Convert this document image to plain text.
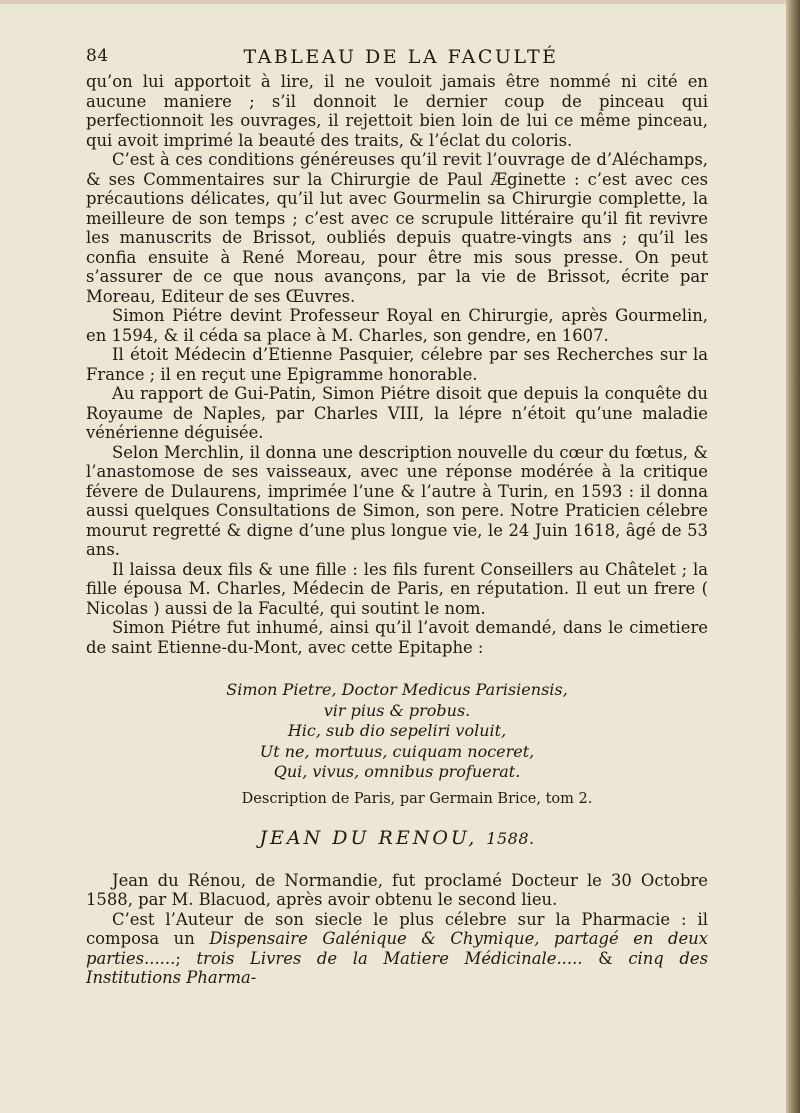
84	TABLEAU DE LA FACULTÉ

qu’on lui apportoit à lire, il ne vouloit jamais être nommé ni cité en aucune maniere ; s’il donnoit le dernier coup de pinceau qui perfectionnoit les ouvrages, il rejettoit bien loin de lui ce même pinceau, qui avoit imprimé la beauté des traits, & l’éclat du coloris.

C’est à ces conditions généreuses qu’il revit l’ouvrage de d’Aléchamps, & ses Commentaires sur la Chirurgie de Paul Æginette : c’est avec ces précautions délicates, qu’il lut avec Gourmelin sa Chirurgie complette, la meilleure de son temps ; c’est avec ce scrupule littéraire qu’il fit revivre les manuscrits de Brissot, oubliés depuis quatre-vingts ans ; qu’il les confia ensuite à René Moreau, pour être mis sous presse. On peut s’assurer de ce que nous avançons, par la vie de Brissot, écrite par Moreau, Editeur de ses Œuvres.

Simon Piétre devint Professeur Royal en Chirurgie, après Gourmelin, en 1594, & il céda sa place à M. Charles, son gendre, en 1607.

Il étoit Médecin d’Etienne Pasquier, célebre par ses Recherches sur la France ; il en reçut une Epigramme honorable.

Au rapport de Gui-Patin, Simon Piétre disoit que depuis la conquête du Royaume de Naples, par Charles VIII, la lépre n’étoit qu’une maladie vénérienne déguisée.

Selon Merchlin, il donna une description nouvelle du cœur du fœtus, & l’anastomose de ses vaisseaux, avec une réponse modérée à la critique févere de Dulaurens, imprimée l’une & l’autre à Turin, en 1593 : il donna aussi quelques Consultations de Simon, son pere. Notre Praticien célebre mourut regretté & digne d’une plus longue vie, le 24 Juin 1618, âgé de 53 ans.

Il laissa deux fils & une fille : les fils furent Conseillers au Châtelet ; la fille épousa M. Charles, Médecin de Paris, en réputation. Il eut un frere ( Nicolas ) aussi de la Faculté, qui soutint le nom.

Simon Piétre fut inhumé, ainsi qu’il l’avoit demandé, dans le cimetiere de saint Etienne-du-Mont, avec cette Epitaphe :

Simon Pietre, Doctor Medicus Parisiensis,
vir pius & probus.
Hic, sub dio sepeliri voluit,
Ut ne, mortuus, cuiquam noceret,
Qui, vivus, omnibus profuerat.
Description de Paris, par Germain Brice, tom 2.
JEAN DU RENOU, 1588.

Jean du Rénou, de Normandie, fut proclamé Docteur le 30 Octobre 1588, par M. Blacuod, après avoir obtenu le second lieu.

C’est l’Auteur de son siecle le plus célebre sur la Pharmacie : il composa un Dispensaire Galénique & Chymique, partagé en deux parties......; trois Livres de la Matiere Médicinale..... & cinq des Institutions Pharma-
